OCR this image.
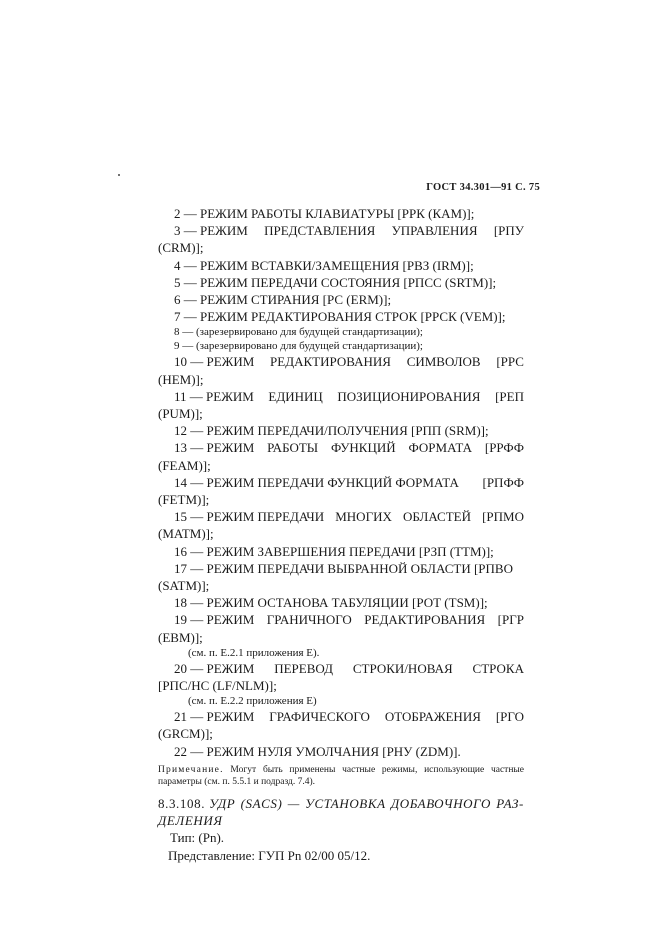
ГОСТ 34.301—91 С. 75
2 — РЕЖИМ РАБОТЫ КЛАВИАТУРЫ [РРК (КАМ)];
3 — РЕЖИМ ПРЕДСТАВЛЕНИЯ УПРАВЛЕНИЯ [РПУ
(CRM)];
4 — РЕЖИМ ВСТАВКИ/ЗАМЕЩЕНИЯ [РВЗ (IRM)];
5 — РЕЖИМ ПЕРЕДАЧИ СОСТОЯНИЯ [РПСС (SRTM)];
6 — РЕЖИМ СТИРАНИЯ [РС (ERM)];
7 — РЕЖИМ РЕДАКТИРОВАНИЯ СТРОК [РРСК (VEM)];
8 — (зарезервировано для будущей стандартизации);
9 — (зарезервировано для будущей стандартизации);
10 — РЕЖИМ РЕДАКТИРОВАНИЯ СИМВОЛОВ [РРС
(HEM)];
11 — РЕЖИМ ЕДИНИЦ ПОЗИЦИОНИРОВАНИЯ [РЕП
(PUM)];
12 — РЕЖИМ ПЕРЕДАЧИ/ПОЛУЧЕНИЯ [РПП (SRM)];
13 — РЕЖИМ РАБОТЫ ФУНКЦИЙ ФОРМАТА [РРФФ
(FEAM)];
14 — РЕЖИМ ПЕРЕДАЧИ ФУНКЦИЙ ФОРМАТА [РПФФ
(FETM)];
15 — РЕЖИМ ПЕРЕДАЧИ МНОГИХ ОБЛАСТЕЙ [РПМО
(MATM)];
16 — РЕЖИМ ЗАВЕРШЕНИЯ ПЕРЕДАЧИ [РЗП (TTM)];
17 — РЕЖИМ ПЕРЕДАЧИ ВЫБРАННОЙ ОБЛАСТИ [РПВО
(SATM)];
18 — РЕЖИМ ОСТАНОВА ТАБУЛЯЦИИ [РОТ (TSM)];
19 — РЕЖИМ ГРАНИЧНОГО РЕДАКТИРОВАНИЯ [РГР
(EBM)];
(см. п. Е.2.1 приложения Е).
20 — РЕЖИМ ПЕРЕВОД СТРОКИ/НОВАЯ СТРОКА
[РПС/НС (LF/NLM)];
(см. п. Е.2.2 приложения Е)
21 — РЕЖИМ ГРАФИЧЕСКОГО ОТОБРАЖЕНИЯ [РГО
(GRCM)];
22 — РЕЖИМ НУЛЯ УМОЛЧАНИЯ [РНУ (ZDM)].
Примечание. Могут быть применены частные режимы, использующие частные параметры (см. п. 5.5.1 и подразд. 7.4).
8.3.108. УДР (SACS) — УСТАНОВКА ДОБАВОЧНОГО РАЗ-
ДЕЛЕНИЯ
Тип: (Рn).
Представление: ГУП Рn 02/00 05/12.
